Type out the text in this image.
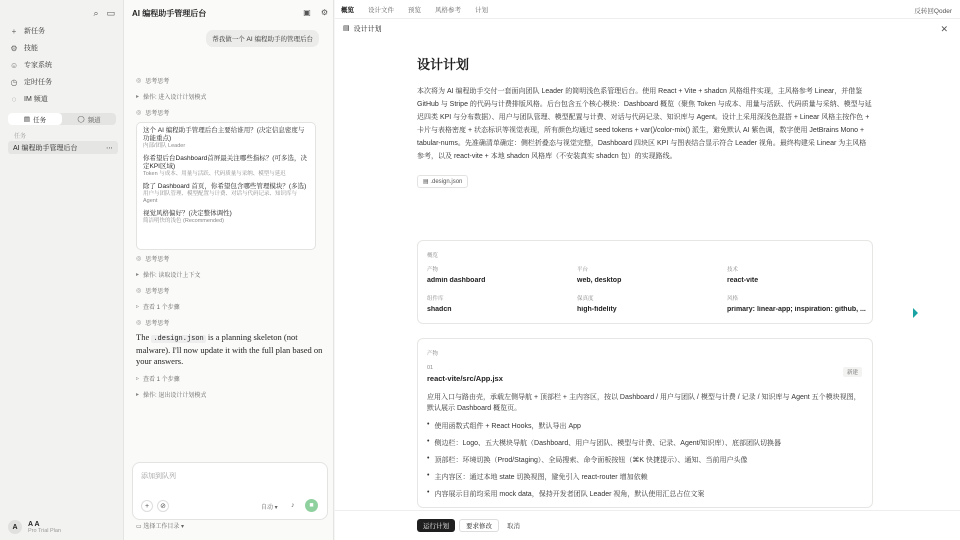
⌕ ▭
+ 新任务
⚙ 技能
☺ 专家系统
◷ 定时任务
◌ IM 频道
▤ 任务	◯ 频道
任务
AI 编程助手管理后台	⋯
A	A A
Pro Trial Plan
AI 编程助手管理后台	▣ ⚙
帮我做一个 AI 编程助手的管理后台
◎ 思考思考
▸ 操作: 进入设计计划模式
◎ 思考思考
这个 AI 编程助手管理后台主要给谁用？(决定信息密度与功能重点)
内部/团队 Leader
你希望后台Dashboard首屏最关注哪些指标？(可多选，决定KPI区域)
Token 与成本、用量与活跃、代码质量与采纳、模型与延迟
除了 Dashboard 首页，你希望包含哪些管理模块？(多选)
用户与团队管理、模型配置与计费、对话与代码记录、知识库与 Agent
视觉风格偏好？(决定整体调性)
简洁明快的浅色 (Recommended)
◎ 思考思考
▸ 操作: 读取设计上下文
◎ 思考思考
▹ 查看 1 个步骤
◎ 思考思考
The .design.json is a planning skeleton (not malware). I'll now update it with the full plan based on your answers.
▹ 查看 1 个步骤
▸ 操作: 退出设计计划模式
添加到队列
+	⊘	自动 ▾ ♪	■
▭ 选择工作目录 ▾
概览 设计文件 预览 风格参考 计划	反转回Qoder
▤ 设计计划	✕
设计计划
本次将为 AI 编程助手交付一套面向团队 Leader 的简明浅色系管理后台。使用 React + Vite + shadcn 风格组件实现，主风格参考 Linear，并借鉴 GitHub 与 Stripe 的代码与计费排版风格。后台包含五个核心模块：Dashboard 概览（聚焦 Token 与成本、用量与活跃、代码质量与采纳、模型与延迟四类 KPI 与分布数据）、用户与团队管理、模型配置与计费、对话与代码记录、知识库与 Agent。设计上采用深浅色混搭 + Linear 风格主按作色 + 卡片与表格密度 + 状态标识等视觉表现，所有颜色均通过 seed tokens + var()/color-mix() 派生，避免默认 AI 紫色调，数字使用 JetBrains Mono + tabular-nums。先准确清单确定：侧栏折叠态与视觉完整，Dashboard 四块区 KPI 与图表结合显示符合 Leader 视角。最终构建采 Linear 为主风格参考，以及 react-vite + 本地 shadcn 风格库（不安装真实 shadcn 包）的实现路线。
▤ .design.json
概览
产物
admin dashboard
平台
web, desktop
技术
react-vite
组件库
shadcn
保真度
high-fidelity
风格
primary: linear-app; inspiration: github, ...
产物
01
react-vite/src/App.jsx
新建
应用入口与路由壳，承载左侧导航 + 顶部栏 + 主内容区，按以 Dashboard / 用户与团队 / 模型与计费 / 记录 / 知识库与 Agent 五个模块视图，默认展示 Dashboard 概览页。
• 使用函数式组件 + React Hooks，默认导出 App
• 侧边栏：Logo、五大模块导航（Dashboard、用户与团队、模型与计费、记录、Agent/知识库）、底部团队切换器
• 顶部栏：环境切换（Prod/Staging）、全局搜索、命令面板按钮（⌘K 快捷提示）、通知、当前用户头像
• 主内容区：通过本地 state 切换视图，避免引入 react-router 增加依赖
• 内容展示目前均采用 mock data，保持开发者团队 Leader 视角，默认使用汇总占位文案
运行计划	要求修改	取消
